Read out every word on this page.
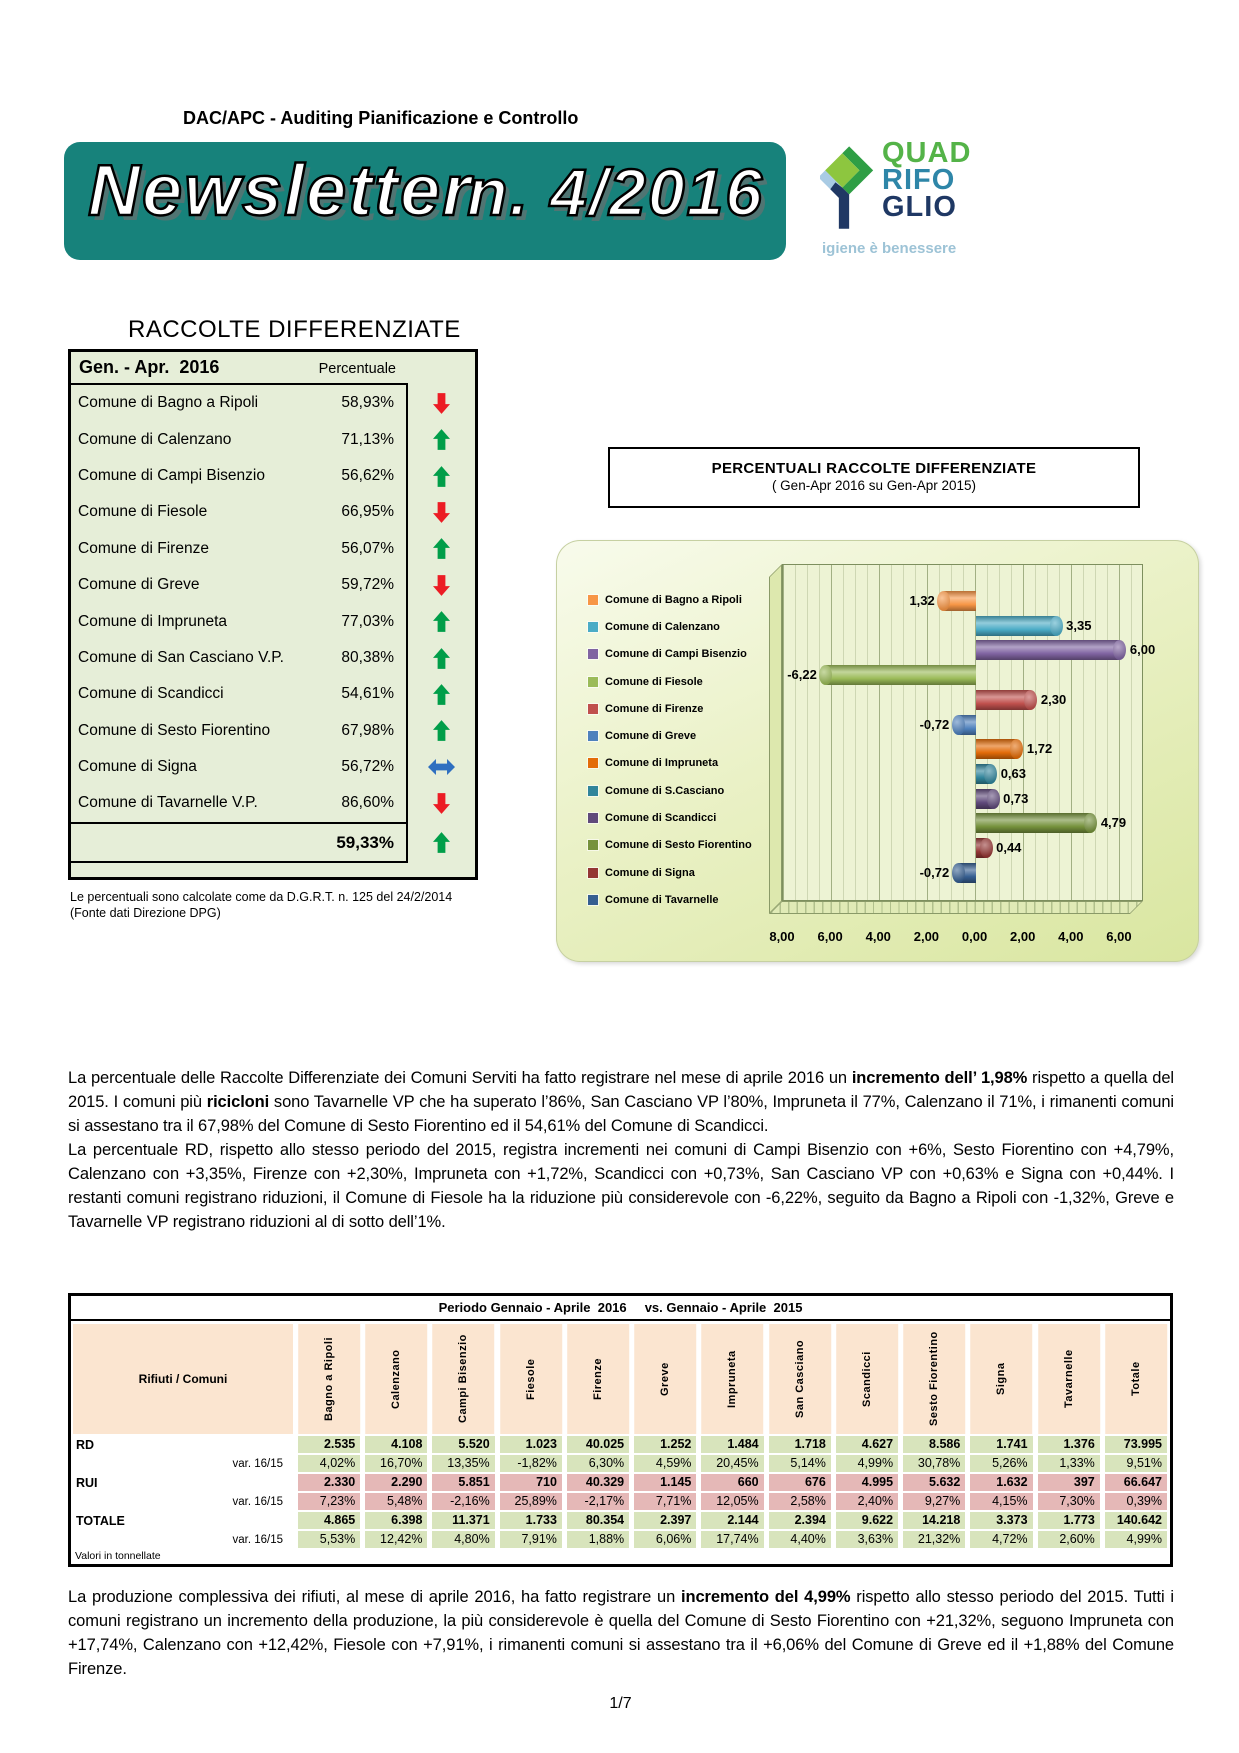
DAC/APC - Auditing Pianificazione e Controllo
Newsletter
n. 4/2016
QUAD
RIFO
GLIO
igiene è benessere
RACCOLTE DIFFERENZIATE
Gen. - Apr.  2016	Percentuale
Comune di Bagno a Ripoli	58,93%
Comune di Calenzano	71,13%
Comune di Campi Bisenzio	56,62%
Comune di Fiesole	66,95%
Comune di Firenze	56,07%
Comune di Greve	59,72%
Comune di Impruneta	77,03%
Comune di San Casciano V.P.	80,38%
Comune di Scandicci	54,61%
Comune di Sesto Fiorentino	67,98%
Comune di Signa	56,72%
Comune di Tavarnelle V.P.	86,60%
59,33%
Le percentuali sono calcolate come da D.G.R.T. n. 125 del 24/2/2014
(Fonte dati Direzione DPG)
PERCENTUALI RACCOLTE DIFFERENZIATE
( Gen-Apr 2016 su Gen-Apr 2015)
Comune di Bagno a Ripoli
Comune di Calenzano
Comune di Campi Bisenzio
Comune di Fiesole
Comune di Firenze
Comune di Greve
Comune di Impruneta
Comune di S.Casciano
Comune di Scandicci
Comune di Sesto Fiorentino
Comune di Signa
Comune di Tavarnelle
1,32
3,35
6,00
-6,22
2,30
-0,72
1,72
0,63
0,73
4,79
0,44
-0,72
8,00 6,00 4,00 2,00 0,00 2,00 4,00 6,00
La percentuale delle Raccolte Differenziate dei Comuni Serviti ha fatto registrare nel mese di aprile 2016 un incremento dell’ 1,98% rispetto a quella del 2015. I comuni più ricicloni sono Tavarnelle VP che ha superato l’86%, San Casciano VP l’80%, Impruneta il 77%, Calenzano il 71%, i rimanenti comuni si assestano tra il 67,98% del Comune di Sesto Fiorentino ed il 54,61% del Comune di Scandicci.
La percentuale RD, rispetto allo stesso periodo del 2015, registra incrementi nei comuni di Campi Bisenzio con +6%, Sesto Fiorentino con +4,79%, Calenzano con +3,35%, Firenze con +2,30%, Impruneta con +1,72%, Scandicci con +0,73%, San Casciano VP con +0,63% e Signa con +0,44%. I restanti comuni registrano riduzioni, il Comune di Fiesole ha la riduzione più considerevole con -6,22%, seguito da Bagno a Ripoli con -1,32%, Greve e Tavarnelle VP registrano riduzioni al di sotto dell’1%.
Periodo Gennaio - Aprile  2016     vs. Gennaio - Aprile  2015
Rifiuti / Comuni	Bagno a Ripoli	Calenzano	Campi Bisenzio	Fiesole	Firenze	Greve	Impruneta	San Casciano	Scandicci	Sesto Fiorentino	Signa	Tavarnelle	Totale
RD	2.535	4.108	5.520	1.023	40.025	1.252	1.484	1.718	4.627	8.586	1.741	1.376	73.995
var. 16/15	4,02%	16,70%	13,35%	-1,82%	6,30%	4,59%	20,45%	5,14%	4,99%	30,78%	5,26%	1,33%	9,51%
RUI	2.330	2.290	5.851	710	40.329	1.145	660	676	4.995	5.632	1.632	397	66.647
var. 16/15	7,23%	5,48%	-2,16%	25,89%	-2,17%	7,71%	12,05%	2,58%	2,40%	9,27%	4,15%	7,30%	0,39%
TOTALE	4.865	6.398	11.371	1.733	80.354	2.397	2.144	2.394	9.622	14.218	3.373	1.773	140.642
var. 16/15	5,53%	12,42%	4,80%	7,91%	1,88%	6,06%	17,74%	4,40%	3,63%	21,32%	4,72%	2,60%	4,99%
Valori in tonnellate
La produzione complessiva dei rifiuti, al mese di aprile 2016, ha fatto registrare un incremento del 4,99% rispetto allo stesso periodo del 2015. Tutti i comuni registrano un incremento della produzione, la più considerevole è quella del Comune di Sesto Fiorentino con +21,32%, seguono Impruneta con +17,74%, Calenzano con +12,42%, Fiesole con +7,91%, i rimanenti comuni si assestano tra il +6,06% del Comune di Greve ed il +1,88% del Comune Firenze.
1/7
